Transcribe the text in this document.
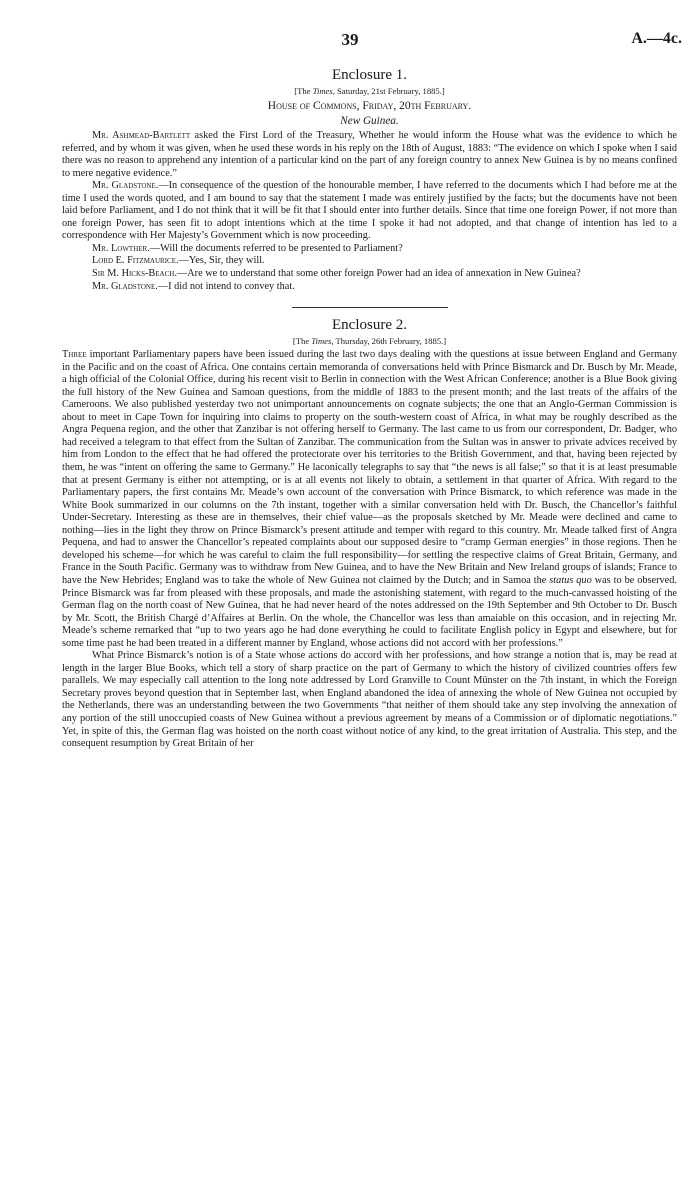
39	A.—4c.
Enclosure 1.
[The Times, Saturday, 21st February, 1885.]
House of Commons, Friday, 20th February.
New Guinea.

Mr. Ashmead-Bartlett asked the First Lord of the Treasury, Whether he would inform the House what was the evidence to which he referred, and by whom it was given, when he used these words in his reply on the 18th of August, 1883: “The evidence on which I spoke when I said there was no reason to apprehend any intention of a particular kind on the part of any foreign country to annex New Guinea is by no means confined to mere negative evidence.”

Mr. Gladstone.—In consequence of the question of the honourable member, I have referred to the documents which I had before me at the time I used the words quoted, and I am bound to say that the statement I made was entirely justified by the facts; but the documents have not been laid before Parliament, and I do not think that it will be fit that I should enter into further details. Since that time one foreign Power, if not more than one foreign Power, has seen fit to adopt intentions which at the time I spoke it had not adopted, and that change of intention has led to a correspondence with Her Majesty’s Government which is now proceeding.

Mr. Lowther.—Will the documents referred to be presented to Parliament?

Lord E. Fitzmaurice.—Yes, Sir, they will.

Sir M. Hicks-Beach.—Are we to understand that some other foreign Power had an idea of annexation in New Guinea?

Mr. Gladstone.—I did not intend to convey that.

Enclosure 2.
[The Times, Thursday, 26th February, 1885.]

Three important Parliamentary papers have been issued during the last two days dealing with the questions at issue between England and Germany in the Pacific and on the coast of Africa. One contains certain memoranda of conversations held with Prince Bismarck and Dr. Busch by Mr. Meade, a high official of the Colonial Office, during his recent visit to Berlin in connection with the West African Conference; another is a Blue Book giving the full history of the New Guinea and Samoan questions, from the middle of 1883 to the present month; and the last treats of the affairs of the Cameroons. We also published yesterday two not unimportant announcements on cognate subjects; the one that an Anglo-German Commission is about to meet in Cape Town for inquiring into claims to property on the south-western coast of Africa, in what may be roughly described as the Angra Pequena region, and the other that Zanzibar is not offering herself to Germany. The last came to us from our correspondent, Dr. Badger, who had received a telegram to that effect from the Sultan of Zanzibar. The communication from the Sultan was in answer to private advices received by him from London to the effect that he had offered the protectorate over his territories to the British Government, and that, having been rejected by them, he was “intent on offering the same to Germany.” He laconically telegraphs to say that “the news is all false;” so that it is at least presumable that at present Germany is either not attempting, or is at all events not likely to obtain, a settlement in that quarter of Africa. With regard to the Parliamentary papers, the first contains Mr. Meade’s own account of the conversation with Prince Bismarck, to which reference was made in the White Book summarized in our columns on the 7th instant, together with a similar conversation held with Dr. Busch, the Chancellor’s faithful Under-Secretary. Interesting as these are in themselves, their chief value—as the proposals sketched by Mr. Meade were declined and came to nothing—lies in the light they throw on Prince Bismarck’s present attitude and temper with regard to this country. Mr. Meade talked first of Angra Pequena, and had to answer the Chancellor’s repeated complaints about our supposed desire to “cramp German energies” in those regions. Then he developed his scheme—for which he was careful to claim the full responsibility—for settling the respective claims of Great Britain, Germany, and France in the South Pacific. Germany was to withdraw from New Guinea, and to have the New Britain and New Ireland groups of islands; France to have the New Hebrides; England was to take the whole of New Guinea not claimed by the Dutch; and in Samoa the status quo was to be observed. Prince Bismarck was far from pleased with these proposals, and made the astonishing statement, with regard to the much-canvassed hoisting of the German flag on the north coast of New Guinea, that he had never heard of the notes addressed on the 19th September and 9th October to Dr. Busch by Mr. Scott, the British Chargé d’Affaires at Berlin. On the whole, the Chancellor was less than amaiable on this occasion, and in rejecting Mr. Meade’s scheme remarked that “up to two years ago he had done everything he could to facilitate English policy in Egypt and elsewhere, but for some time past he had been treated in a different manner by England, whose actions did not accord with her professions.”

What Prince Bismarck’s notion is of a State whose actions do accord with her professions, and how strange a notion that is, may be read at length in the larger Blue Books, which tell a story of sharp practice on the part of Germany to which the history of civilized countries offers few parallels. We may especially call attention to the long note addressed by Lord Granville to Count Münster on the 7th instant, in which the Foreign Secretary proves beyond question that in September last, when England abandoned the idea of annexing the whole of New Guinea not occupied by the Netherlands, there was an understanding between the two Governments “that neither of them should take any step involving the annexation of any portion of the still unoccupied coasts of New Guinea without a previous agreement by means of a Commission or of diplomatic negotiations.” Yet, in spite of this, the German flag was hoisted on the north coast without notice of any kind, to the great irritation of Australia. This step, and the consequent resumption by Great Britain of her
